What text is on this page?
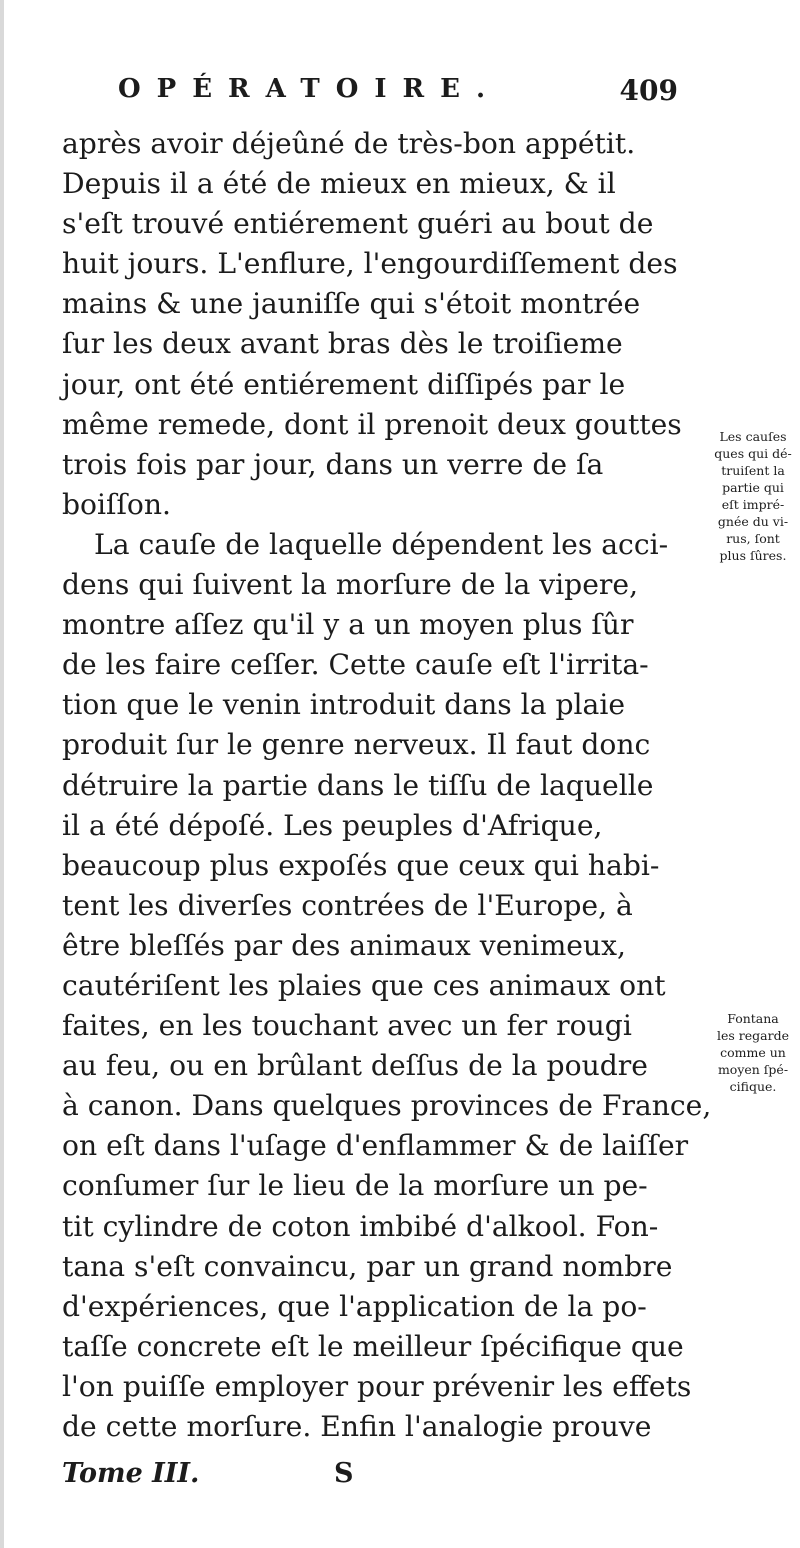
OPÉRATOIRE.	409
après avoir déjeûné de très-bon appétit.
Depuis il a été de mieux en mieux, & il
s'eſt trouvé entiérement guéri au bout de
huit jours. L'enflure, l'engourdiſſement des
mains & une jauniſſe qui s'étoit montrée
ſur les deux avant bras dès le troiſieme
jour, ont été entiérement diſſipés par le
même remede, dont il prenoit deux gouttes
trois fois par jour, dans un verre de ſa
boiſſon.
La cauſe de laquelle dépendent les acci-
dens qui ſuivent la morſure de la vipere,
montre aſſez qu'il y a un moyen plus ſûr
de les faire ceſſer. Cette cauſe eſt l'irrita-
tion que le venin introduit dans la plaie
produit ſur le genre nerveux. Il faut donc
détruire la partie dans le tiſſu de laquelle
il a été dépoſé. Les peuples d'Afrique,
beaucoup plus expoſés que ceux qui habi-
tent les diverſes contrées de l'Europe, à
être bleſſés par des animaux venimeux,
cautériſent les plaies que ces animaux ont
faites, en les touchant avec un fer rougi
au feu, ou en brûlant deſſus de la poudre
à canon. Dans quelques provinces de France,
on eſt dans l'uſage d'enflammer & de laiſſer
conſumer ſur le lieu de la morſure un pe-
tit cylindre de coton imbibé d'alkool. Fon-
tana s'eſt convaincu, par un grand nombre
d'expériences, que l'application de la po-
taſſe concrete eſt le meilleur ſpécifique que
l'on puiſſe employer pour prévenir les effets
de cette morſure. Enfin l'analogie prouve
Les cauſes
ques qui dé-
truiſent la
partie qui
eſt impré-
gnée du vi-
rus, ſont
plus ſûres.
Fontana
les regarde
comme un
moyen ſpé-
cifique.
Tome III.	S
